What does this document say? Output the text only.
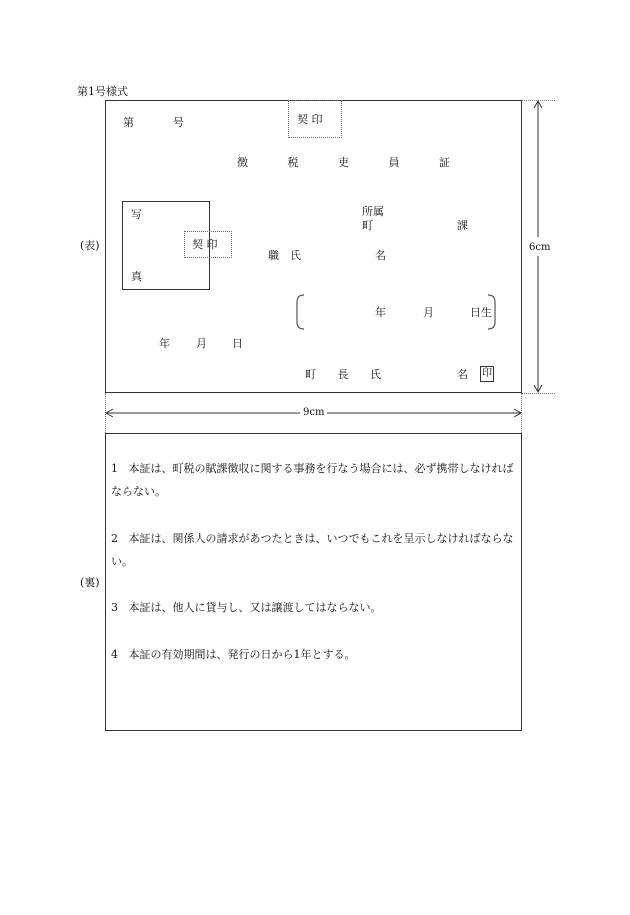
第1号様式
(表)
第	号	契 印
徴 税 吏 員 証
写
真
契 印
所属
町	課
職氏	名
年	月	日生
年 月 日
町 長 氏	名 印
6cm
9cm
(裏)
1 本証は、町税の賦課徴収に関する事務を行なう場合には、必ず携帯しなければならない。
2 本証は、関係人の請求があつたときは、いつでもこれを呈示しなければならない。
3 本証は、他人に貸与し、又は譲渡してはならない。
4 本証の有効期間は、発行の日から1年とする。
